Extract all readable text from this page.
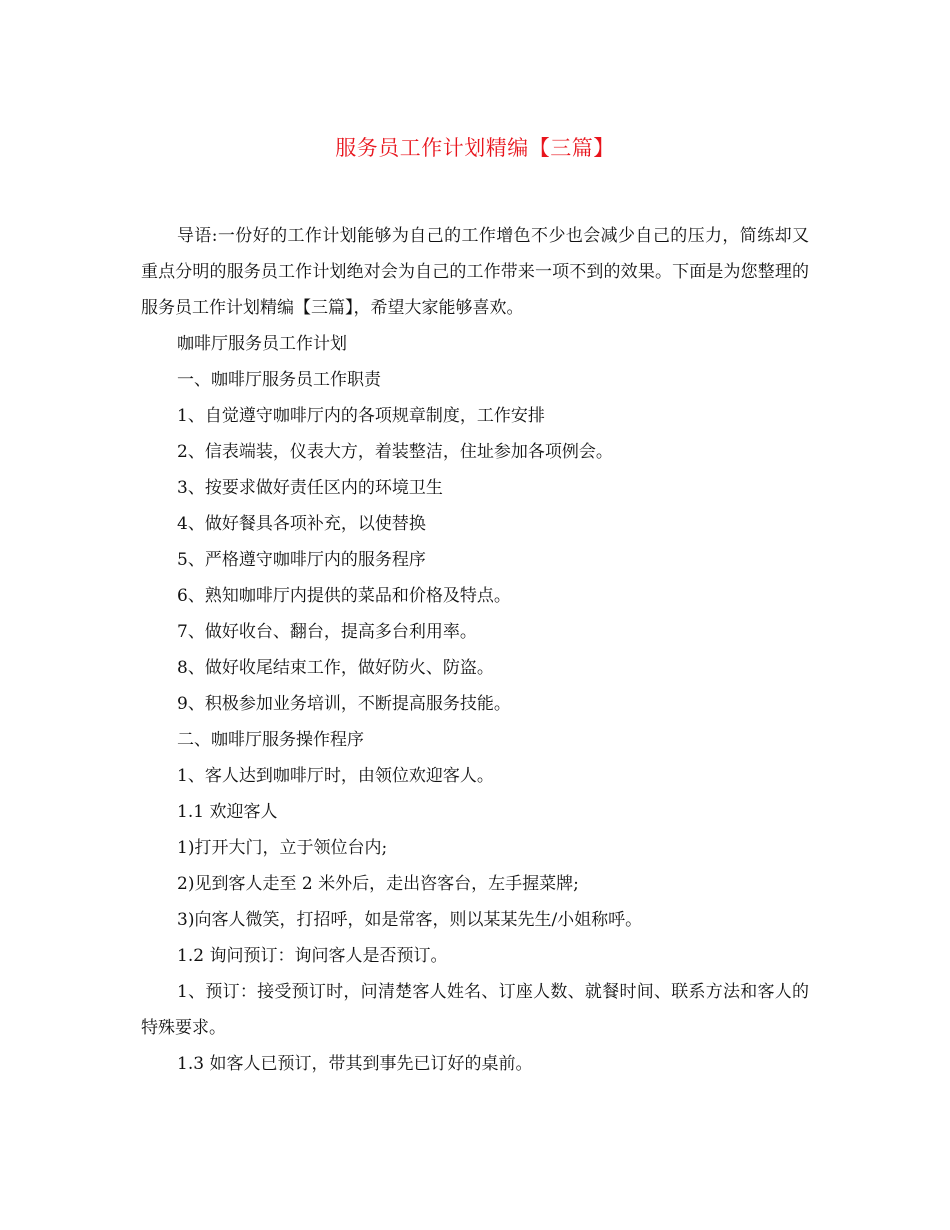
服务员工作计划精编【三篇】

导语:一份好的工作计划能够为自己的工作增色不少也会减少自己的压力，简练却又重点分明的服务员工作计划绝对会为自己的工作带来一项不到的效果。下面是为您整理的服务员工作计划精编【三篇】，希望大家能够喜欢。

咖啡厅服务员工作计划

一、咖啡厅服务员工作职责

1、自觉遵守咖啡厅内的各项规章制度，工作安排

2、信表端装，仪表大方，着装整洁，住址参加各项例会。

3、按要求做好责任区内的环境卫生

4、做好餐具各项补充，以使替换

5、严格遵守咖啡厅内的服务程序

6、熟知咖啡厅内提供的菜品和价格及特点。

7、做好收台、翻台，提高多台利用率。

8、做好收尾结束工作，做好防火、防盗。

9、积极参加业务培训，不断提高服务技能。

二、咖啡厅服务操作程序

1、客人达到咖啡厅时，由领位欢迎客人。

1.1 欢迎客人

1)打开大门，立于领位台内;

2)见到客人走至 2 米外后，走出咨客台，左手握菜牌;

3)向客人微笑，打招呼，如是常客，则以某某先生/小姐称呼。

1.2 询问预订：询问客人是否预订。

1、预订：接受预订时，问清楚客人姓名、订座人数、就餐时间、联系方法和客人的特殊要求。

1.3 如客人已预订，带其到事先已订好的桌前。
